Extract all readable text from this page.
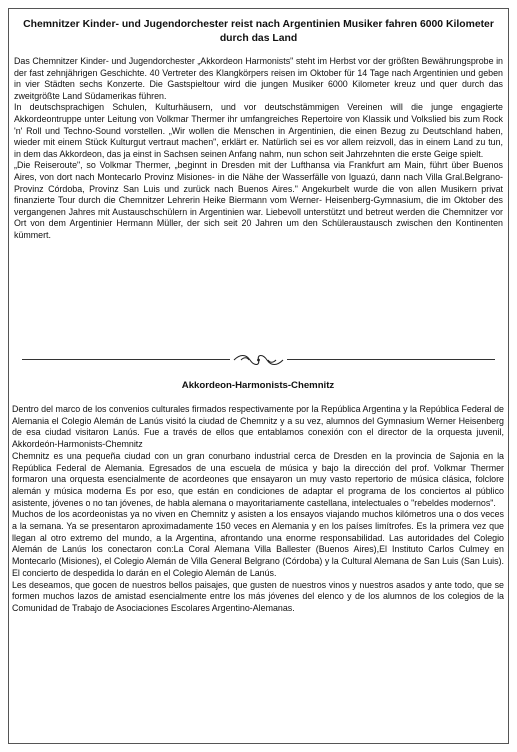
Chemnitzer Kinder- und Jugendorchester reist nach Argentinien Musiker fahren 6000 Kilometer durch das Land

Das Chemnitzer Kinder- und Jugendorchester „Akkordeon Harmonists" steht im Herbst vor der größten Bewährungsprobe in der fast zehnjährigen Geschichte. 40 Vertreter des Klangkörpers reisen im Oktober für 14 Tage nach Argentinien und geben in vier Städten sechs Konzerte. Die Gastspieltour wird die jungen Musiker 6000 Kilometer kreuz und quer durch das zweitgrößte Land Südamerikas führen.

In deutschsprachigen Schulen, Kulturhäusern, und vor deutschstämmigen Vereinen will die junge engagierte Akkordeontruppe unter Leitung von Volkmar Thermer ihr umfangreiches Repertoire von Klassik und Volkslied bis zum Rock 'n' Roll und Techno-Sound vorstellen. „Wir wollen die Menschen in Argentinien, die einen Bezug zu Deutschland haben, wieder mit einem Stück Kulturgut vertraut machen", erklärt er. Natürlich sei es vor allem reizvoll, das in einem Land zu tun, in dem das Akkordeon, das ja einst in Sachsen seinen Anfang nahm, nun schon seit Jahrzehnten die erste Geige spielt.

„Die Reiseroute", so Volkmar Thermer, „beginnt in Dresden mit der Lufthansa via Frankfurt am Main, führt über Buenos Aires, von dort nach Montecarlo Provinz Misiones- in die Nähe der Wasserfälle von Iguazú, dann nach Villa Gral.Belgrano- Provinz Córdoba, Provinz San Luis und zurück nach Buenos Aires." Angekurbelt wurde die von allen Musikern privat finanzierte Tour durch die Chemnitzer Lehrerin Heike Biermann vom Werner- Heisenberg-Gymnasium, die im Oktober des vergangenen Jahres mit Austauschschülern in Argentinien war. Liebevoll unterstützt und betreut werden die Chemnitzer vor Ort von dem Argentinier Hermann Müller, der sich seit 20 Jahren um den Schüleraustausch zwischen den Kontinenten kümmert.

Akkordeon-Harmonists-Chemnitz

Dentro del marco de los convenios culturales firmados respectivamente por la República Argentina y la República Federal de Alemania el Colegio Alemán de Lanús visitó la ciudad de Chemnitz y a su vez, alumnos del Gymnasium Werner Heisenberg de esa ciudad visitaron Lanús. Fue a través de ellos que entablamos conexión con el director de la orquesta juvenil, Akkordeón-Harmonists-Chemnitz

Chemnitz es una pequeña ciudad con un gran conurbano industrial cerca de Dresden en la provincia de Sajonia en la República Federal de Alemania. Egresados de una escuela de música y bajo la dirección del prof. Volkmar Thermer formaron una orquesta esencialmente de acordeones que ensayaron un muy vasto repertorio de música clásica, folclore alemán y música moderna Es por eso, que están en condiciones de adaptar el programa de los conciertos al público asistente, jóvenes o no tan jóvenes, de habla alemana o mayoritariamente castellana, intelectuales o "rebeldes modernos".

Muchos de los acordeonistas ya no viven en Chemnitz y asisten a los ensayos viajando muchos kilómetros una o dos veces a la semana. Ya se presentaron aproximadamente 150 veces en Alemania y en los países limítrofes. Es la primera vez que llegan al otro extremo del mundo, a la Argentina, afrontando una enorme responsabilidad. Las autoridades del Colegio Alemán de Lanús los conectaron con:La Coral Alemana Villa Ballester (Buenos Aires),El Instituto Carlos Culmey en Montecarlo (Misiones), el Colegio Alemán de Villa General Belgrano (Córdoba) y la Cultural Alemana de San Luis (San Luis). El concierto de despedida lo darán en el Colegio Alemán de Lanús.

Les deseamos, que gocen de nuestros bellos paisajes, que gusten de nuestros vinos y nuestros asados y ante todo, que se formen muchos lazos de amistad esencialmente entre los más jóvenes del elenco y de los alumnos de los colegios de la Comunidad de Trabajo de Asociaciones Escolares Argentino-Alemanas.
